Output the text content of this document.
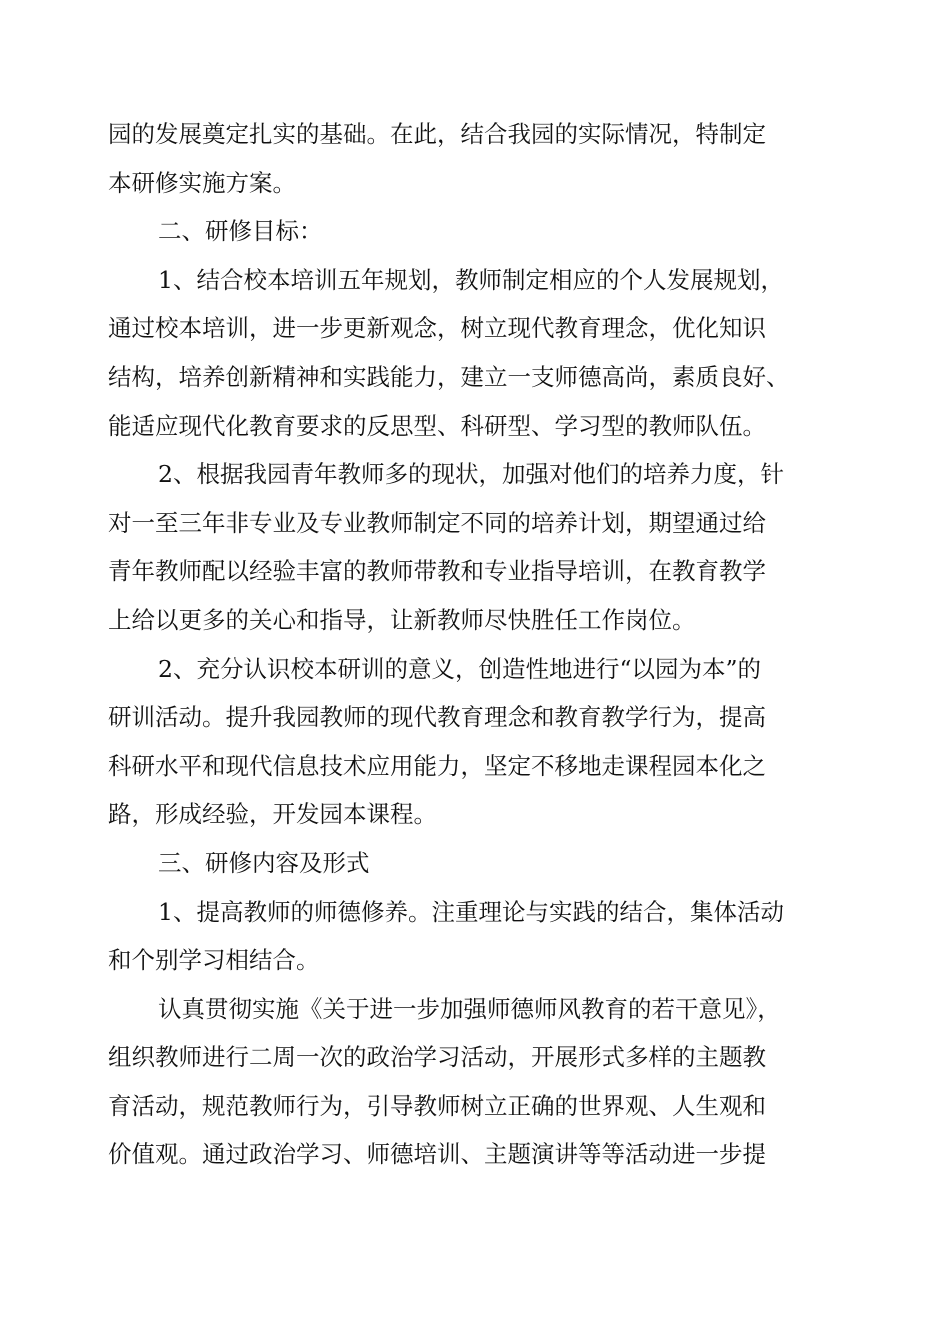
园的发展奠定扎实的基础。在此，结合我园的实际情况，特制定
本研修实施方案。
二、研修目标：
1、结合校本培训五年规划，教师制定相应的个人发展规划，
通过校本培训，进一步更新观念，树立现代教育理念，优化知识
结构，培养创新精神和实践能力，建立一支师德高尚，素质良好、
能适应现代化教育要求的反思型、科研型、学习型的教师队伍。
2、根据我园青年教师多的现状，加强对他们的培养力度，针
对一至三年非专业及专业教师制定不同的培养计划，期望通过给
青年教师配以经验丰富的教师带教和专业指导培训，在教育教学
上给以更多的关心和指导，让新教师尽快胜任工作岗位。
2、充分认识校本研训的意义，创造性地进行“以园为本”的
研训活动。提升我园教师的现代教育理念和教育教学行为，提高
科研水平和现代信息技术应用能力，坚定不移地走课程园本化之
路，形成经验，开发园本课程。
三、研修内容及形式
1、提高教师的师德修养。注重理论与实践的结合，集体活动
和个别学习相结合。
认真贯彻实施《关于进一步加强师德师风教育的若干意见》，
组织教师进行二周一次的政治学习活动，开展形式多样的主题教
育活动，规范教师行为，引导教师树立正确的世界观、人生观和
价值观。通过政治学习、师德培训、主题演讲等等活动进一步提
